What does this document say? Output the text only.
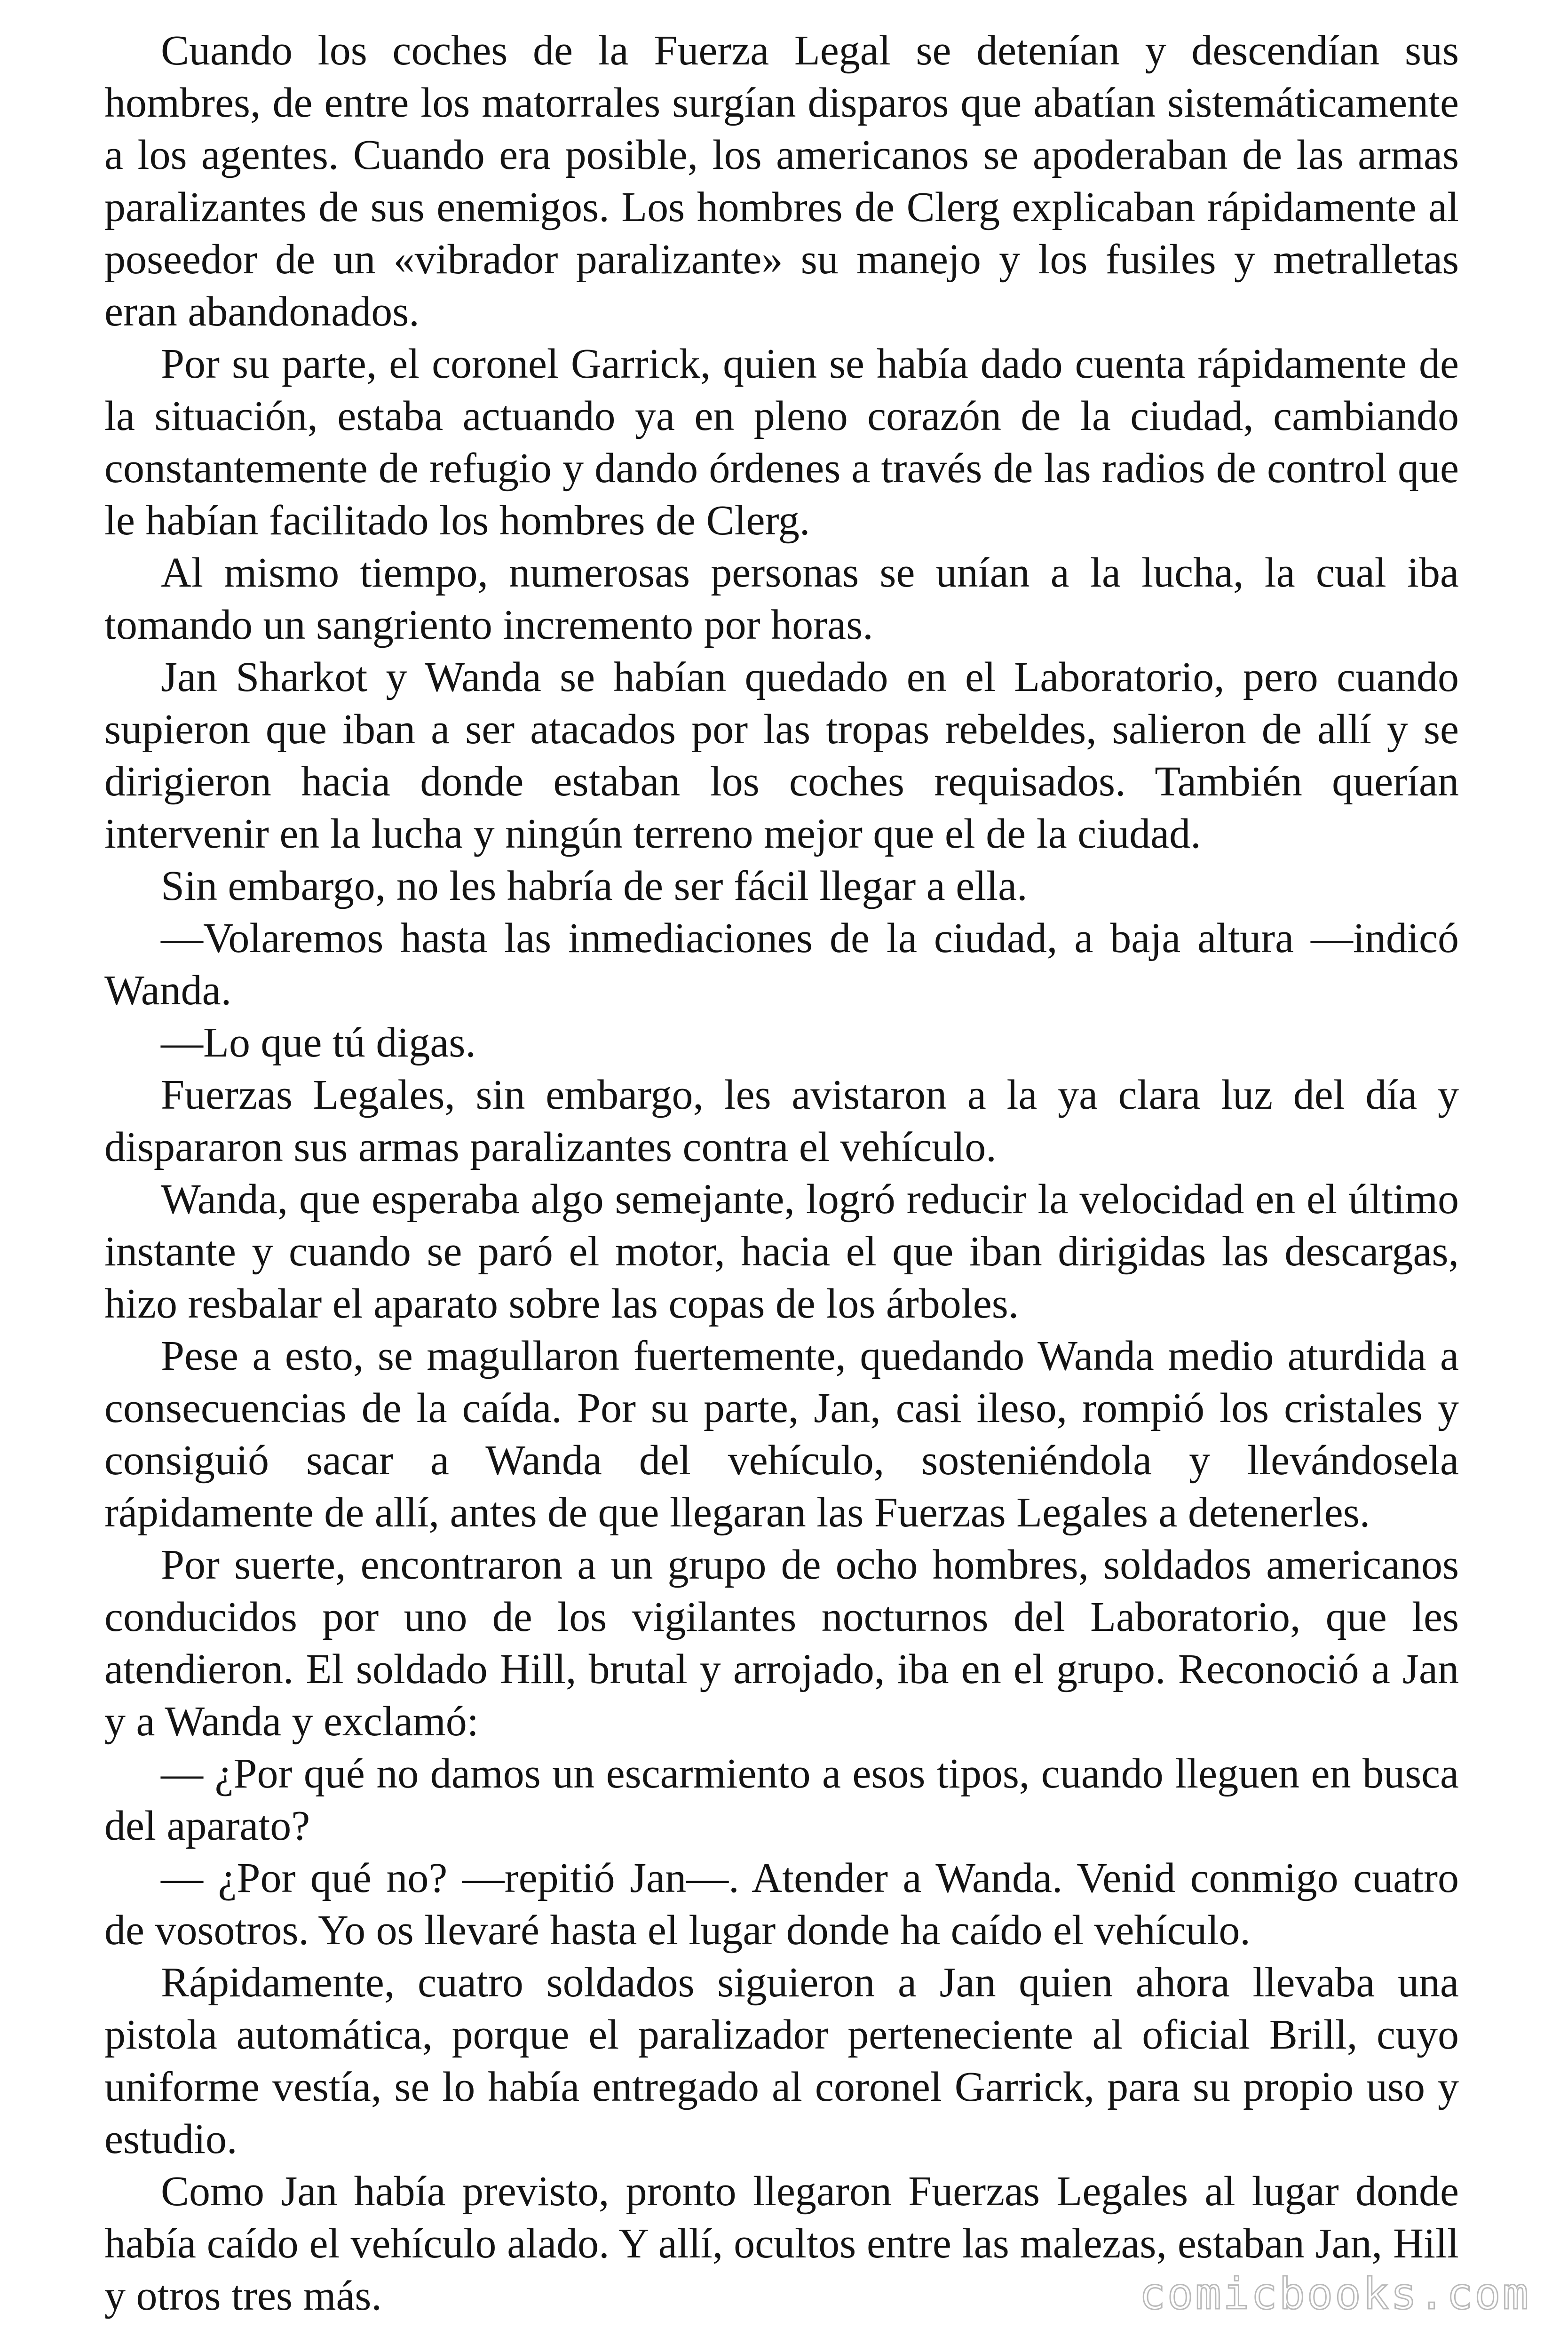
Cuando los coches de la Fuerza Legal se detenían y descendían sus hombres, de entre los matorrales surgían disparos que abatían sistemáticamente a los agentes. Cuando era posible, los americanos se apoderaban de las armas paralizantes de sus enemigos. Los hombres de Clerg explicaban rápidamente al poseedor de un «vibrador paralizante» su manejo y los fusiles y metralletas eran abandonados.

Por su parte, el coronel Garrick, quien se había dado cuenta rápidamente de la situación, estaba actuando ya en pleno corazón de la ciudad, cambiando constantemente de refugio y dando órdenes a través de las radios de control que le habían facilitado los hombres de Clerg.

Al mismo tiempo, numerosas personas se unían a la lucha, la cual iba tomando un sangriento incremento por horas.

Jan Sharkot y Wanda se habían quedado en el Laboratorio, pero cuando supieron que iban a ser atacados por las tropas rebeldes, salieron de allí y se dirigieron hacia donde estaban los coches requisados. También querían intervenir en la lucha y ningún terreno mejor que el de la ciudad.

Sin embargo, no les habría de ser fácil llegar a ella.

—Volaremos hasta las inmediaciones de la ciudad, a baja altura —indicó Wanda.

—Lo que tú digas.

Fuerzas Legales, sin embargo, les avistaron a la ya clara luz del día y dispararon sus armas paralizantes contra el vehículo.

Wanda, que esperaba algo semejante, logró reducir la velocidad en el último instante y cuando se paró el motor, hacia el que iban dirigidas las descargas, hizo resbalar el aparato sobre las copas de los árboles.

Pese a esto, se magullaron fuertemente, quedando Wanda medio aturdida a consecuencias de la caída. Por su parte, Jan, casi ileso, rompió los cristales y consiguió sacar a Wanda del vehículo, sosteniéndola y llevándosela rápidamente de allí, antes de que llegaran las Fuerzas Legales a detenerles.

Por suerte, encontraron a un grupo de ocho hombres, soldados americanos conducidos por uno de los vigilantes nocturnos del Laboratorio, que les atendieron. El soldado Hill, brutal y arrojado, iba en el grupo. Reconoció a Jan y a Wanda y exclamó:

— ¿Por qué no damos un escarmiento a esos tipos, cuando lleguen en busca del aparato?

— ¿Por qué no? —repitió Jan—. Atender a Wanda. Venid conmigo cuatro de vosotros. Yo os llevaré hasta el lugar donde ha caído el vehículo.

Rápidamente, cuatro soldados siguieron a Jan quien ahora llevaba una pistola automática, porque el paralizador perteneciente al oficial Brill, cuyo uniforme vestía, se lo había entregado al coronel Garrick, para su propio uso y estudio.

Como Jan había previsto, pronto llegaron Fuerzas Legales al lugar donde había caído el vehículo alado. Y allí, ocultos entre las malezas, estaban Jan, Hill y otros tres más.	comicbooks.com
